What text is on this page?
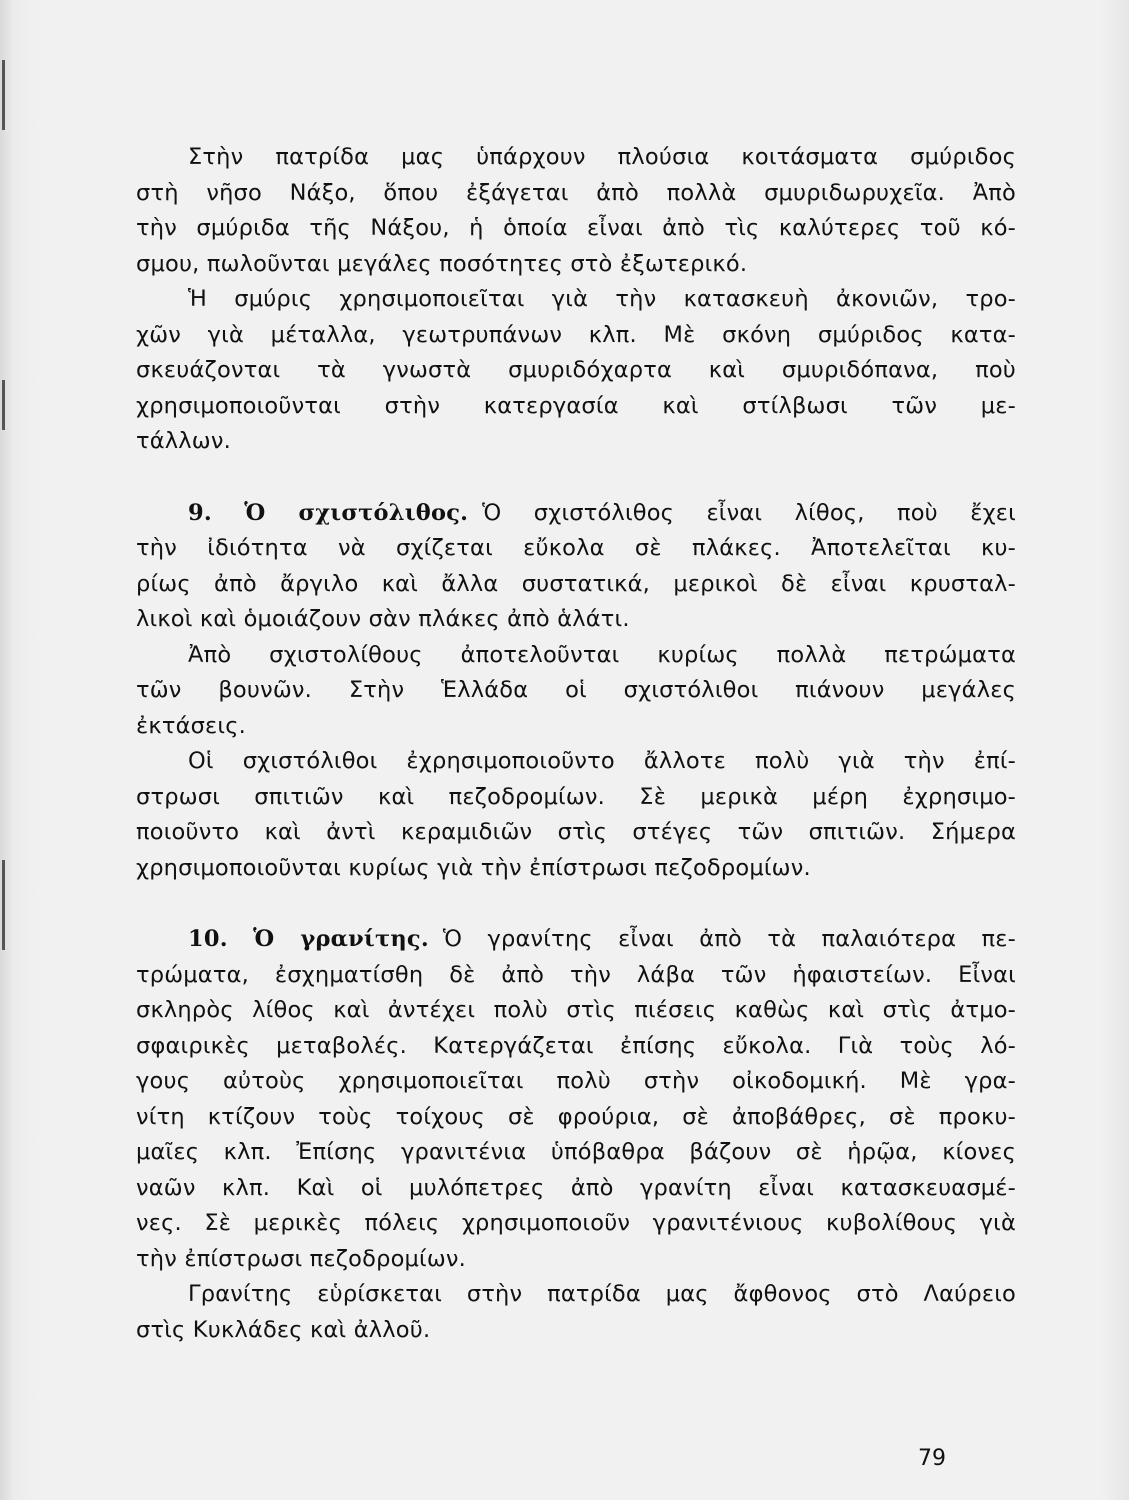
Στὴν πατρίδα μας ὑπάρχουν πλούσια κοιτάσματα σμύριδος
στὴ νῆσο Νάξο, ὅπου ἐξάγεται ἀπὸ πολλὰ σμυριδωρυχεῖα. Ἀπὸ
τὴν σμύριδα τῆς Νάξου, ἡ ὁποία εἶναι ἀπὸ τὶς καλύτερες τοῦ κό-
σμου, πωλοῦνται μεγάλες ποσότητες στὸ ἐξωτερικό.
Ἡ σμύρις χρησιμοποιεῖται γιὰ τὴν κατασκευὴ ἀκονιῶν, τρο-
χῶν γιὰ μέταλλα, γεωτρυπάνων κλπ. Μὲ σκόνη σμύριδος κατα-
σκευάζονται τὰ γνωστὰ σμυριδόχαρτα καὶ σμυριδόπανα, ποὺ
χρησιμοποιοῦνται στὴν κατεργασία καὶ στίλβωσι τῶν με-
τάλλων.
9. Ὁ σχιστόλιθος. Ὁ σχιστόλιθος εἶναι λίθος, ποὺ ἔχει
τὴν ἰδιότητα νὰ σχίζεται εὔκολα σὲ πλάκες. Ἀποτελεῖται κυ-
ρίως ἀπὸ ἄργιλο καὶ ἄλλα συστατικά, μερικοὶ δὲ εἶναι κρυσταλ-
λικοὶ καὶ ὁμοιάζουν σὰν πλάκες ἀπὸ ἁλάτι.
Ἀπὸ σχιστολίθους ἀποτελοῦνται κυρίως πολλὰ πετρώματα
τῶν βουνῶν. Στὴν Ἑλλάδα οἱ σχιστόλιθοι πιάνουν μεγάλες
ἐκτάσεις.
Οἱ σχιστόλιθοι ἐχρησιμοποιοῦντο ἄλλοτε πολὺ γιὰ τὴν ἐπί-
στρωσι σπιτιῶν καὶ πεζοδρομίων. Σὲ μερικὰ μέρη ἐχρησιμο-
ποιοῦντο καὶ ἀντὶ κεραμιδιῶν στὶς στέγες τῶν σπιτιῶν. Σήμερα
χρησιμοποιοῦνται κυρίως γιὰ τὴν ἐπίστρωσι πεζοδρομίων.
10. Ὁ γρανίτης. Ὁ γρανίτης εἶναι ἀπὸ τὰ παλαιότερα πε-
τρώματα, ἐσχηματίσθη δὲ ἀπὸ τὴν λάβα τῶν ἡφαιστείων. Εἶναι
σκληρὸς λίθος καὶ ἀντέχει πολὺ στὶς πιέσεις καθὼς καὶ στὶς ἀτμο-
σφαιρικὲς μεταβολές. Κατεργάζεται ἐπίσης εὔκολα. Γιὰ τοὺς λό-
γους αὐτοὺς χρησιμοποιεῖται πολὺ στὴν οἰκοδομική. Μὲ γρα-
νίτη κτίζουν τοὺς τοίχους σὲ φρούρια, σὲ ἀποβάθρες, σὲ προκυ-
μαῖες κλπ. Ἐπίσης γρανιτένια ὑπόβαθρα βάζουν σὲ ἡρῷα, κίονες
ναῶν κλπ. Καὶ οἱ μυλόπετρες ἀπὸ γρανίτη εἶναι κατασκευασμέ-
νες. Σὲ μερικὲς πόλεις χρησιμοποιοῦν γρανιτένιους κυβολίθους γιὰ
τὴν ἐπίστρωσι πεζοδρομίων.
Γρανίτης εὑρίσκεται στὴν πατρίδα μας ἄφθονος στὸ Λαύρειο
στὶς Κυκλάδες καὶ ἀλλοῦ.
79
